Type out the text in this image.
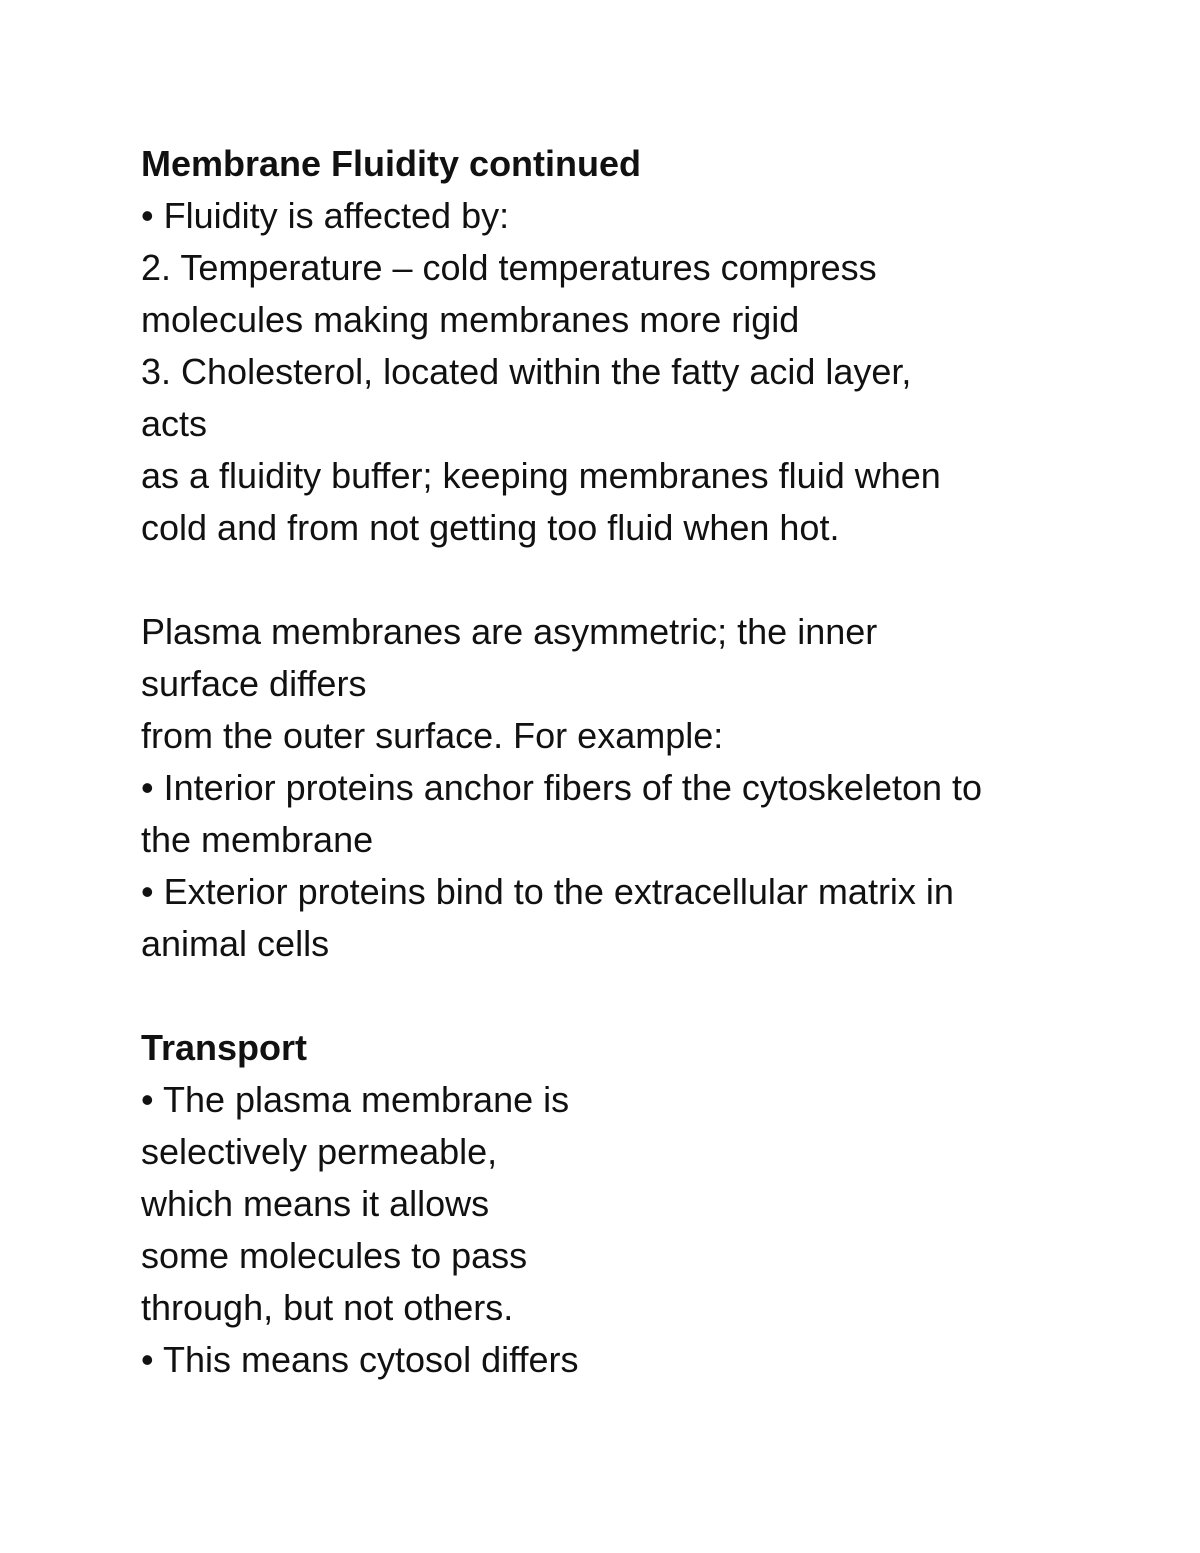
Membrane Fluidity continued
• Fluidity is affected by:
2. Temperature – cold temperatures compress
molecules making membranes more rigid
3. Cholesterol, located within the fatty acid layer,
acts
as a fluidity buffer; keeping membranes fluid when
cold and from not getting too fluid when hot.
Plasma membranes are asymmetric; the inner
surface differs
from the outer surface. For example:
• Interior proteins anchor fibers of the cytoskeleton to
the membrane
• Exterior proteins bind to the extracellular matrix in
animal cells
Transport
• The plasma membrane is
selectively permeable,
which means it allows
some molecules to pass
through, but not others.
• This means cytosol differs
